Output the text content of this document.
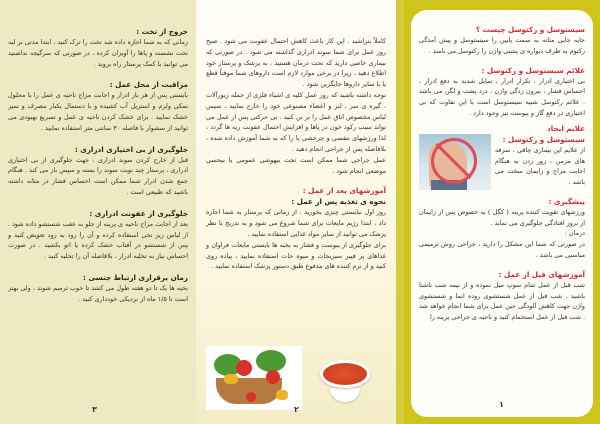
خروج از تخت :
زمانی که به شما اجازه داده شد تخت را ترک کنید ، ابتدا مدتی بر لبه تخت نشسته و پاها را آویزان کرده ، در صورتی که سرگیجه نداشتید می توانید با کمک پرستار راه بروید .
مراقبت از محل عمل :
بایستی پس از هر بار ادرار و اجابت مزاج ناحیه ی عمل را با محلول نمکی ولرم و استریل آب کشیده و با دستمال یکبار مصرف و تمیز خشک نمایید . برای خشک کردن ناحیه ی عمل و تسریع بهبودی می توانید از سشوار با فاصله ۳۰ سانتی متر استفاده نمایید .
جلوگیری از بی اختیاری ادراری :
قبل از خارج کردن سوند ادراری ، جهت جلوگیری از بی اختیاری ادراری ، پرستار چند نوبت سوند را بسته و سپس باز می کند . هنگام جمع شدن ادرار شما ممکن است احساس فشار در مثانه داشته باشید که طبیعی است .
جلوگیری از عفونت ادراری :
بعد از اجابت مزاج ناحیه ی پرینه از جلو به عقب شستشو داده شود . از لباس زیر نخی استفاده کرده و آن را زود به زود تعویض کنید و پس از شستشو در آفتاب خشک کرده یا اتو بکشید . در صورت احساس نیاز به تخلیه ادرار ، بلافاصله آن را تخلیه کنید .
زمان برقراری ارتباط جنسی :
بخیه ها یک تا دو هفته طول می کشد تا خوب ترمیم شوند ، ولی بهتر است تا ۱/۵ ماه از نزدیکی خودداری کنید .
۳
کاملاً بتراشید . این کار باعث کاهش احتمال عفونت می شود . صبح روز عمل برای شما سوند ادراری گذاشته می شود . در صورتی که بیماری خاصی دارید که تحت درمان هستید ، به پزشک و پرستار خود اطلاع دهید ، زیرا در برخی موارد لازم است داروهای شما موقتاً قطع یا با سایر داروها جایگزین شود .
توجه داشته باشید که روز عمل کلیه ی اشیاء فلزی از جمله زیورآلات ، گیره ی سر ، لنز و اعضاء مصنوعی خود را خارج نمایید ، سپس لباس مخصوص اتاق عمل را بر تن کنید . بی حرکتی پس از عمل می تواند سبب رکود خون در پاها و افزایش احتمال عفونت ریه ها گردد ، لذا ورزشهای تنفسی و چرخشی پا را که به شما آموزش داده شده ، بلافاصله پس از جراحی انجام دهید .
عمل جراحی شما ممکن است تحت بیهوشی عمومی یا بیحسی موضعی انجام شود .
آموزشهای بعد از عمل :
نحوه ی تغذیه پس از عمل :
روز اول نبایستی چیزی بخورید . از زمانی که پرستار به شما اجازه داد ، ابتدا رژیم مایعات برای شما شروع می شود و به تدریج با نظر پزشک می توانید از سایر مواد غذایی استفاده نمایید .
برای جلوگیری از یبوست و فشار به بخیه ها بایستی مایعات فراوان و غذاهای پر فیبر سبزیجات و میوه جات استفاده نمایید ، پیاده روی کنید و از نرم کننده های مدفوع طبق دستور پزشک استفاده نمایید .
۲
سیستوسل و رکتوسل چیست ؟
جابه جایی مثانه به سمت پایین را سیستوسل و پیش آمدگی رکتوم به طرف دیواره ی پشتی واژن را رکتوسل می نامند .
علائم سیستوسل و رکتوسل :
بی اختیاری ادرار ، تکرار ادرار ، تمایل شدید به دفع ادرار ، احساس فشار ، بیرون زدگی واژن ، درد پشت و لگن می باشد . علائم رکتوسل شبیه سیستوسل است با این تفاوت که بی اختیاری در دفع گاز و یبوست نیز وجود دارد .
علایم ایجاد
سیستوسل و رکتوسل :
از علایم این بیماری چاقی ، سرفه های مزمن ، زور زدن به هنگام اجابت مزاج و زایمان سخت می باشد .
پیشگیری :
ورزشهای تقویت کننده پرینه ( کگل ) به خصوص پس از زایمان از بروز افتادگی جلوگیری می نماید .
درمان :
در صورتی که شما این مشکل را دارید ، جراحی روش ترمیمی مناسبی می باشد .
آموزشهای قبل از عمل :
شب قبل از عمل شام سوپ میل نموده و از نیمه شب ناشتا باشید . شب قبل از عمل شستشوی روده انما و شستشوی واژن جهت کاهش آلودگی حین عمل برای شما انجام خواهد شد . شب قبل از عمل استحمام کنید و ناحیه ی جراحی پرینه را
۱
